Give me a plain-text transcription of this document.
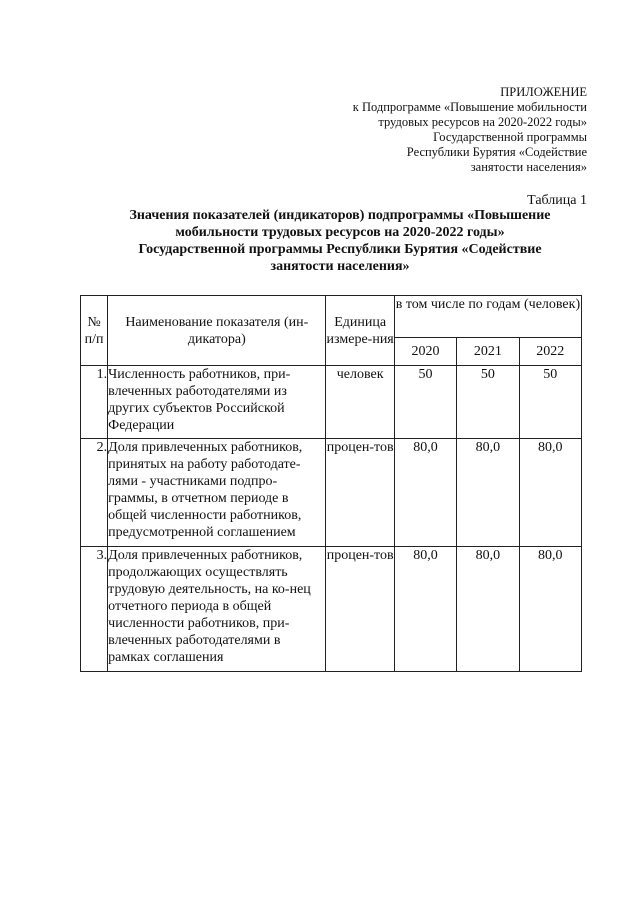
ПРИЛОЖЕНИЕ
к Подпрограмме «Повышение мобильности
трудовых ресурсов на 2020-2022 годы»
Государственной программы
Республики Бурятия «Содействие
занятости населения»
Таблица 1
Значения показателей (индикаторов) подпрограммы «Повышение
мобильности трудовых ресурсов на 2020-2022 годы»
Государственной программы Республики Бурятия «Содействие
занятости населения»
№ п/п	Наименование показателя (ин-дикатора)	Единица измере-ния	в том числе по годам (человек)		
			2020	2021	2022
1.	Численность работников, при-влеченных работодателями из других субъектов Российской Федерации	человек	50	50	50
2.	Доля привлеченных работников, принятых на работу работодате-лями - участниками подпро-граммы, в отчетном периоде в общей численности работников, предусмотренной соглашением	процен-тов	80,0	80,0	80,0
3.	Доля привлеченных работников, продолжающих осуществлять трудовую деятельность, на ко-нец отчетного периода в общей численности работников, при-влеченных работодателями в рамках соглашения	процен-тов	80,0	80,0	80,0
